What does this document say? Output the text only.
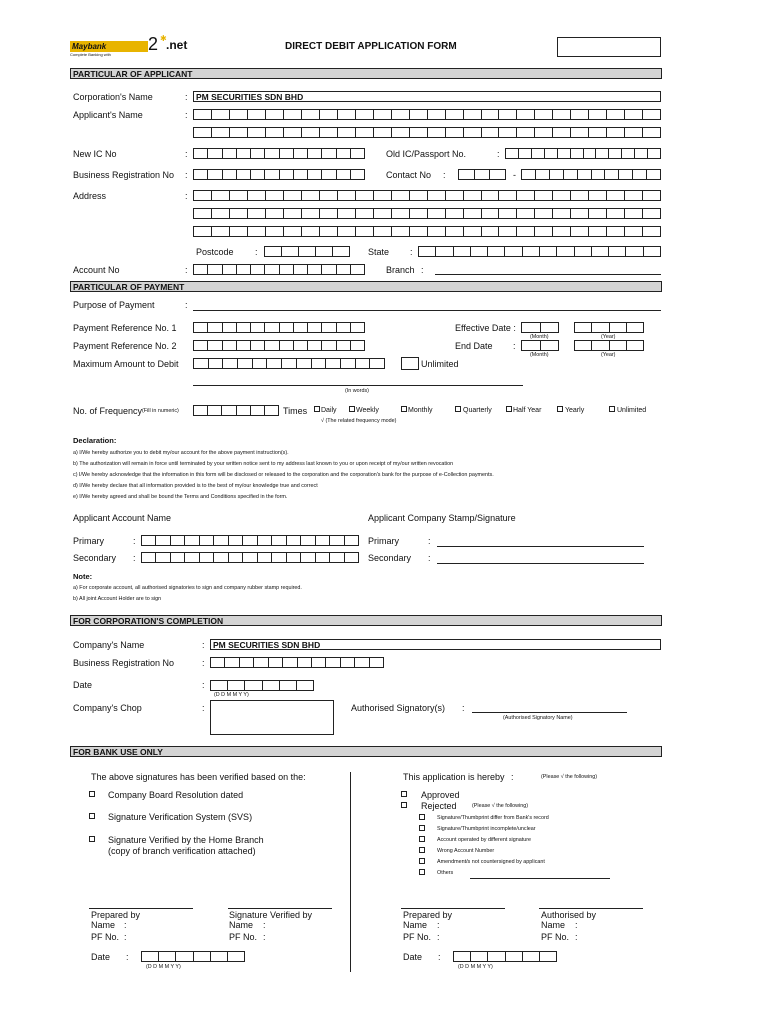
Maybank
Complete Banking with
2 ✱ .net	DIRECT DEBIT APPLICATION FORM
PARTICULAR OF APPLICANT
Corporation's Name	: PM SECURITIES SDN BHD
Applicant's Name	:
New IC No	:	Old IC/Passport No.	:
Business Registration No :	Contact No :	-
Address	:
Postcode :	State :
Account No	:	Branch :
PARTICULAR OF PAYMENT
Purpose of Payment	:
Payment Reference No. 1	Effective Date :
(Month)	(Year)
Payment Reference No. 2	End Date :
(Month)	(Year)
Maximum Amount to Debit	Unlimited
(In words)
No. of Frequency (Fill in numeric)	Times Daily	Weekly	Monthly	Quarterly	Half Year	Yearly	Unlimited
√ (The related frequency mode)
Declaration:
a) I/We hereby authorize you to debit my/our account for the above payment instruction(s).
b) The authorization will remain in force until terminated by your written notice sent to my address last known to you or upon receipt of my/our written revocation
c) I/We hereby acknowledge that the information in this form will be disclosed or released to the corporation and the corporation's bank for the purpose of e-Collection payments.
d) I/We hereby declare that all information provided is to the best of my/our knowledge true and correct
e) I/We hereby agreed and shall be bound the Terms and Conditions specified in the form.
Applicant Account Name	Applicant Company Stamp/Signature
Primary	:	Primary	:
Secondary :	Secondary :
Note:
a) For corporate account, all authorised signatories to sign and company rubber stamp required.
b) All joint Account Holder are to sign
FOR CORPORATION'S COMPLETION
Company's Name	: PM SECURITIES SDN BHD
Business Registration No	:
Date	:
(D D M M Y Y)
Company's Chop	:	Authorised Signatory(s) :
(Authorised Signatory Name)
FOR BANK USE ONLY
The above signatures has been verified based on the:
Company Board Resolution dated
Signature Verification System (SVS)
Signature Verified by the Home Branch
(copy of branch verification attached)
This application is hereby :	(Please √ the following)
Approved
Rejected	(Please √ the following)
Signature/Thumbprint differ from Bank's record
Signature/Thumbprint incomplete/unclear
Account operated by different signature
Wrong Account Number
Amendment/s not countersigned by applicant
Others
Prepared by
Name :
PF No. :
Signature Verified by
Name :
PF No. :
Prepared by
Name :
PF No. :
Authorised by
Name :
PF No. :
Date :
(D D M M Y Y)
Date :
(D D M M Y Y)
